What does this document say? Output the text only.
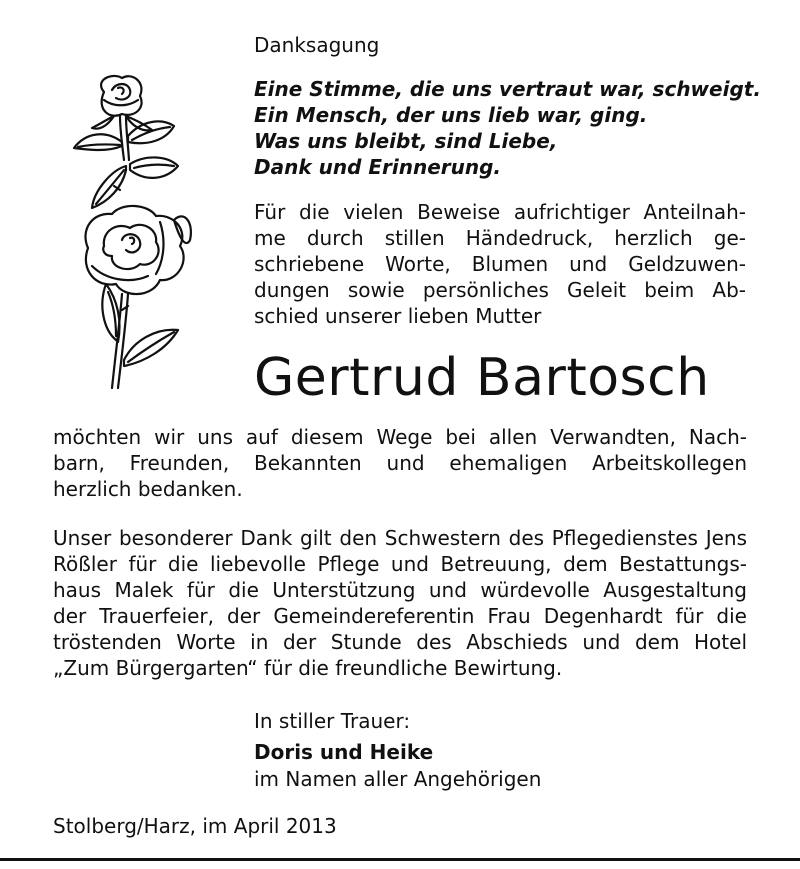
Danksagung
Eine Stimme, die uns vertraut war, schweigt.
Ein Mensch, der uns lieb war, ging.
Was uns bleibt, sind Liebe,
Dank und Erinnerung.
Für die vielen Beweise aufrichtiger Anteilnah-
me durch stillen Händedruck, herzlich ge-
schriebene Worte, Blumen und Geldzuwen-
dungen sowie persönliches Geleit beim Ab-
schied unserer lieben Mutter
Gertrud Bartosch
möchten wir uns auf diesem Wege bei allen Verwandten, Nach-
barn, Freunden, Bekannten und ehemaligen Arbeitskollegen
herzlich bedanken.
Unser besonderer Dank gilt den Schwestern des Pflegedienstes Jens
Rößler für die liebevolle Pflege und Betreuung, dem Bestattungs-
haus Malek für die Unterstützung und würdevolle Ausgestaltung
der Trauerfeier, der Gemeindereferentin Frau Degenhardt für die
tröstenden Worte in der Stunde des Abschieds und dem Hotel
„Zum Bürgergarten“ für die freundliche Bewirtung.
In stiller Trauer:
Doris und Heike
im Namen aller Angehörigen
Stolberg/Harz, im April 2013
